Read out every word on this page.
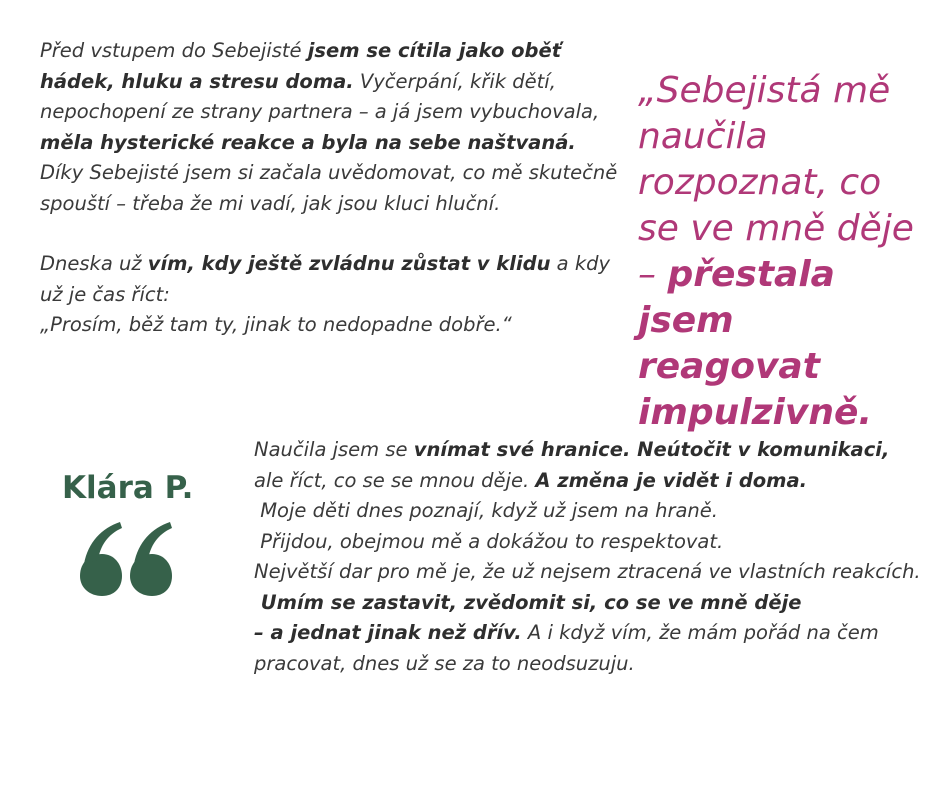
Před vstupem do Sebejisté jsem se cítila jako oběť hádek, hluku a stresu doma. Vyčerpání, křik dětí, nepochopení ze strany partnera – a já jsem vybuchovala, měla hysterické reakce a byla na sebe naštvaná.
Díky Sebejisté jsem si začala uvědomovat, co mě skutečně spouští – třeba že mi vadí, jak jsou kluci hluční.
Dneska už vím, kdy ještě zvládnu zůstat v klidu a kdy už je čas říct:
„Prosím, běž tam ty, jinak to nedopadne dobře.“
„Sebejistá mě naučila rozpoznat, co se ve mně děje – přestala jsem reagovat impulzivně.
Klára P.
Naučila jsem se vnímat své hranice. Neútočit v komunikaci, ale říct, co se se mnou děje. A změna je vidět i doma.
Moje děti dnes poznají, když už jsem na hraně.
Přijdou, obejmou mě a dokážou to respektovat.
Největší dar pro mě je, že už nejsem ztracená ve vlastních reakcích.
Umím se zastavit, zvědomit si, co se ve mně děje
– a jednat jinak než dřív. A i když vím, že mám pořád na čem pracovat, dnes už se za to neodsuzuju.
